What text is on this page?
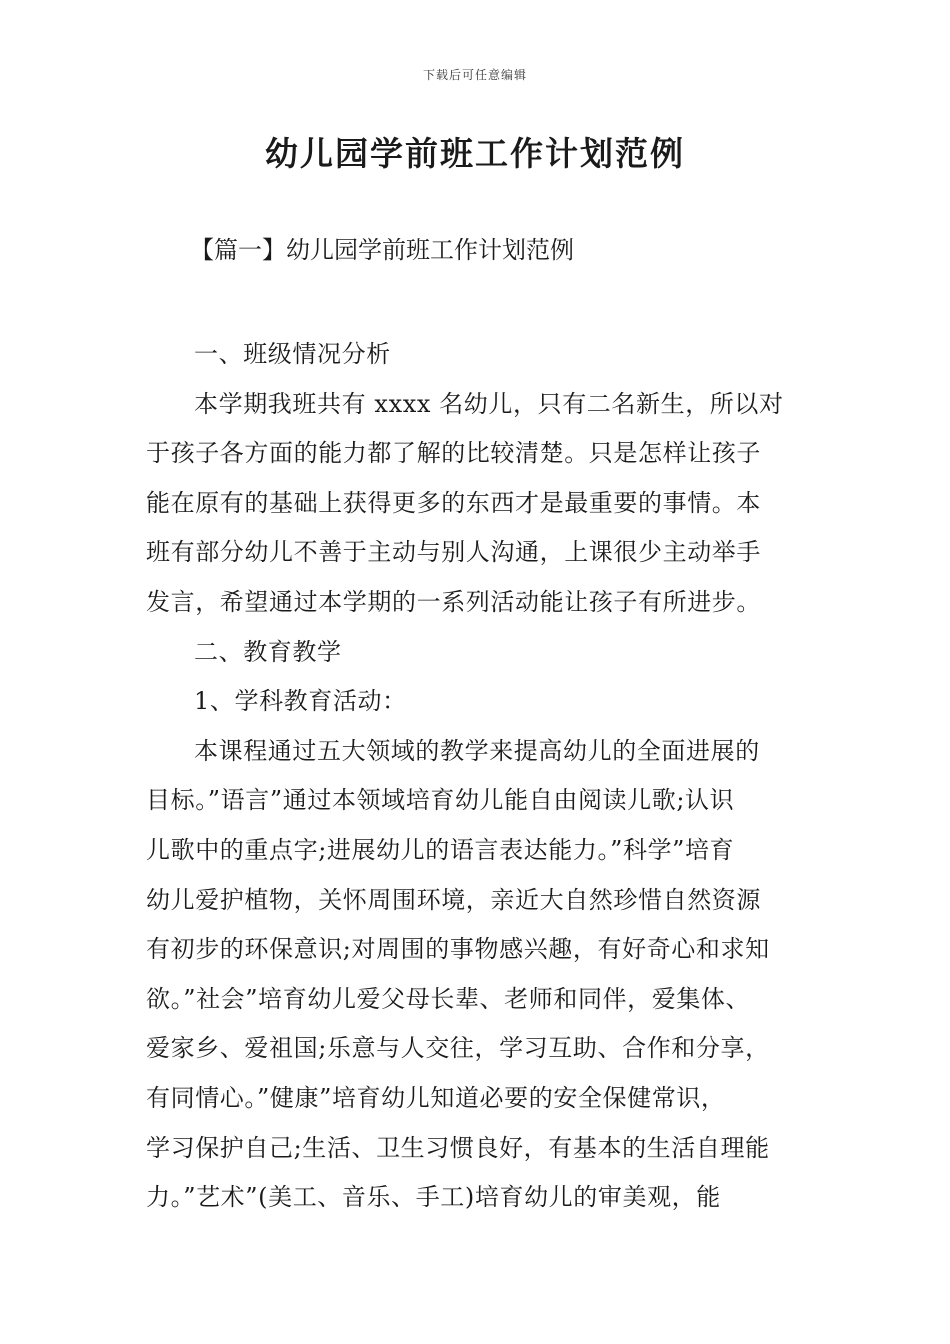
下载后可任意编辑
幼儿园学前班工作计划范例
【篇一】幼儿园学前班工作计划范例
一、班级情况分析
本学期我班共有 xxxx 名幼儿，只有二名新生，所以对
于孩子各方面的能力都了解的比较清楚。只是怎样让孩子
能在原有的基础上获得更多的东西才是最重要的事情。本
班有部分幼儿不善于主动与别人沟通，上课很少主动举手
发言，希望通过本学期的一系列活动能让孩子有所进步。
二、教育教学
1、学科教育活动：
本课程通过五大领域的教学来提高幼儿的全面进展的
目标。”语言”通过本领域培育幼儿能自由阅读儿歌;认识
儿歌中的重点字;进展幼儿的语言表达能力。”科学”培育
幼儿爱护植物，关怀周围环境，亲近大自然珍惜自然资源
有初步的环保意识;对周围的事物感兴趣，有好奇心和求知
欲。”社会”培育幼儿爱父母长辈、老师和同伴，爱集体、
爱家乡、爱祖国;乐意与人交往，学习互助、合作和分享，
有同情心。”健康”培育幼儿知道必要的安全保健常识，
学习保护自己;生活、卫生习惯良好，有基本的生活自理能
力。”艺术”(美工、音乐、手工)培育幼儿的审美观，能
